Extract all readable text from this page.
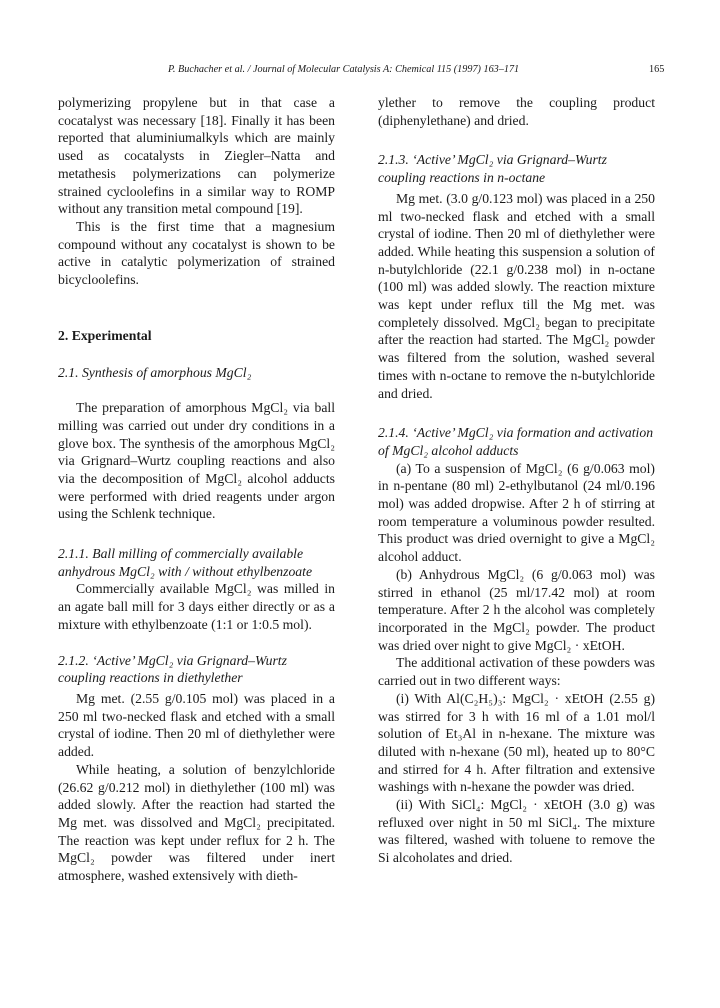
P. Buchacher et al. / Journal of Molecular Catalysis A: Chemical 115 (1997) 163–171	165

polymerizing propylene but in that case a cocatalyst was necessary [18]. Finally it has been reported that aluminiumalkyls which are mainly used as cocatalysts in Ziegler–Natta and metathesis polymerizations can polymerize strained cycloolefins in a similar way to ROMP without any transition metal compound [19].

This is the first time that a magnesium compound without any cocatalyst is shown to be active in catalytic polymerization of strained bicycloolefins.

2. Experimental

2.1. Synthesis of amorphous MgCl₂

The preparation of amorphous MgCl₂ via ball milling was carried out under dry conditions in a glove box. The synthesis of the amorphous MgCl₂ via Grignard–Wurtz coupling reactions and also via the decomposition of MgCl₂ alcohol adducts were performed with dried reagents under argon using the Schlenk technique.

2.1.1. Ball milling of commercially available anhydrous MgCl₂ with / without ethylbenzoate

Commercially available MgCl₂ was milled in an agate ball mill for 3 days either directly or as a mixture with ethylbenzoate (1:1 or 1:0.5 mol).

2.1.2. ‘Active’ MgCl₂ via Grignard–Wurtz coupling reactions in diethylether

Mg met. (2.55 g/0.105 mol) was placed in a 250 ml two-necked flask and etched with a small crystal of iodine. Then 20 ml of diethylether were added.

While heating, a solution of benzylchloride (26.62 g/0.212 mol) in diethylether (100 ml) was added slowly. After the reaction had started the Mg met. was dissolved and MgCl₂ precipitated. The reaction was kept under reflux for 2 h. The MgCl₂ powder was filtered under inert atmosphere, washed extensively with dieth-

ylether to remove the coupling product (diphenylethane) and dried.

2.1.3. ‘Active’ MgCl₂ via Grignard–Wurtz coupling reactions in n-octane

Mg met. (3.0 g/0.123 mol) was placed in a 250 ml two-necked flask and etched with a small crystal of iodine. Then 20 ml of diethylether were added. While heating this suspension a solution of n-butylchloride (22.1 g/0.238 mol) in n-octane (100 ml) was added slowly. The reaction mixture was kept under reflux till the Mg met. was completely dissolved. MgCl₂ began to precipitate after the reaction had started. The MgCl₂ powder was filtered from the solution, washed several times with n-octane to remove the n-butylchloride and dried.

2.1.4. ‘Active’ MgCl₂ via formation and activation of MgCl₂ alcohol adducts

(a) To a suspension of MgCl₂ (6 g/0.063 mol) in n-pentane (80 ml) 2-ethylbutanol (24 ml/0.196 mol) was added dropwise. After 2 h of stirring at room temperature a voluminous powder resulted. This product was dried overnight to give a MgCl₂ alcohol adduct.

(b) Anhydrous MgCl₂ (6 g/0.063 mol) was stirred in ethanol (25 ml/17.42 mol) at room temperature. After 2 h the alcohol was completely incorporated in the MgCl₂ powder. The product was dried over night to give MgCl₂ · xEtOH.

The additional activation of these powders was carried out in two different ways:

(i) With Al(C₂H₅)₃: MgCl₂ · xEtOH (2.55 g) was stirred for 3 h with 16 ml of a 1.01 mol/l solution of Et₃Al in n-hexane. The mixture was diluted with n-hexane (50 ml), heated up to 80°C and stirred for 4 h. After filtration and extensive washings with n-hexane the powder was dried.

(ii) With SiCl₄: MgCl₂ · xEtOH (3.0 g) was refluxed over night in 50 ml SiCl₄. The mixture was filtered, washed with toluene to remove the Si alcoholates and dried.
